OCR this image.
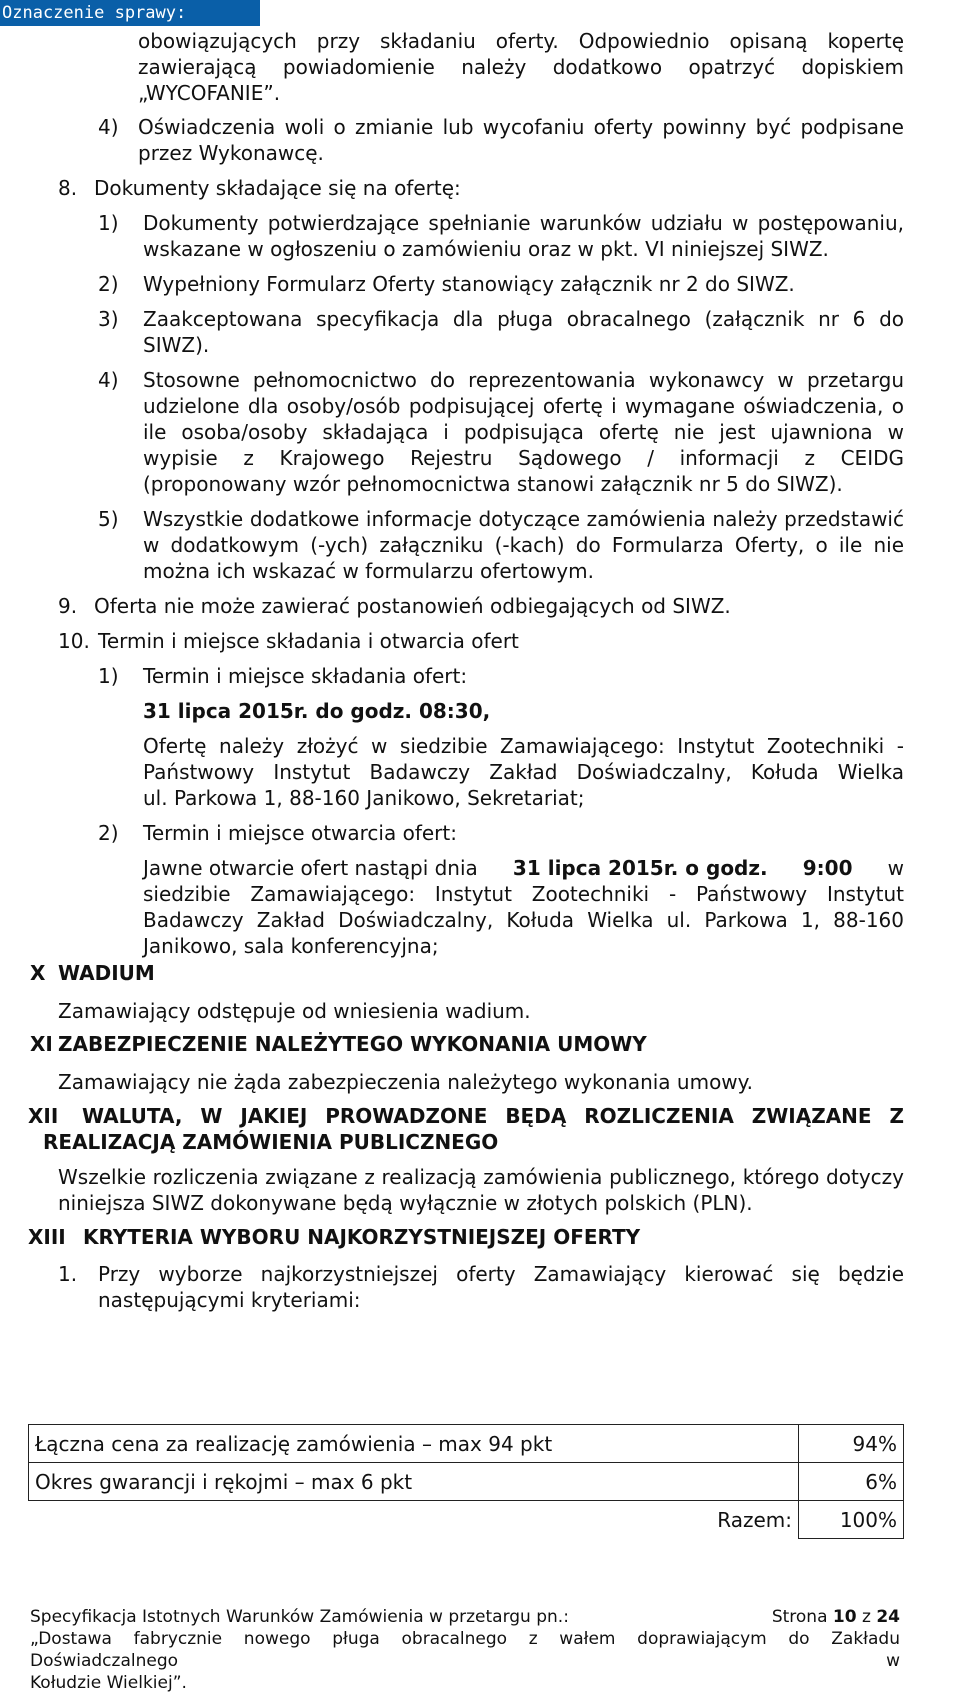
Oznaczenie sprawy: 17/2015	obowiązujących przy składaniu oferty. Odpowiednio opisaną kopertę
zawierającą powiadomienie należy dodatkowo opatrzyć dopiskiem
„WYCOFANIE”.
4) Oświadczenia woli o zmianie lub wycofaniu oferty powinny być podpisane
przez Wykonawcę.
8. Dokumenty składające się na ofertę:
1) Dokumenty potwierdzające spełnianie warunków udziału w postępowaniu,
wskazane w ogłoszeniu o zamówieniu oraz w pkt. VI niniejszej SIWZ.
2) Wypełniony Formularz Oferty stanowiący załącznik nr 2 do SIWZ.
3) Zaakceptowana specyfikacja dla pługa obracalnego (załącznik nr 6 do
SIWZ).
4) Stosowne pełnomocnictwo do reprezentowania wykonawcy w przetargu
udzielone dla osoby/osób podpisującej ofertę i wymagane oświadczenia, o
ile osoba/osoby składająca i podpisująca ofertę nie jest ujawniona w
wypisie z Krajowego Rejestru Sądowego / informacji z CEIDG
(proponowany wzór pełnomocnictwa stanowi załącznik nr 5 do SIWZ).
5) Wszystkie dodatkowe informacje dotyczące zamówienia należy przedstawić
w dodatkowym (-ych) załączniku (-kach) do Formularza Oferty, o ile nie
można ich wskazać w formularzu ofertowym.
9. Oferta nie może zawierać postanowień odbiegających od SIWZ.
10. Termin i miejsce składania i otwarcia ofert
1) Termin i miejsce składania ofert:
31 lipca 2015r. do godz. 08:30,
Ofertę należy złożyć w siedzibie Zamawiającego: Instytut Zootechniki -
Państwowy Instytut Badawczy Zakład Doświadczalny, Kołuda Wielka
ul. Parkowa 1, 88-160 Janikowo, Sekretariat;
2) Termin i miejsce otwarcia ofert:
Jawne otwarcie ofert nastąpi dnia 31 lipca 2015r. o godz. 9:00 w
siedzibie Zamawiającego: Instytut Zootechniki - Państwowy Instytut
Badawczy Zakład Doświadczalny, Kołuda Wielka ul. Parkowa 1, 88-160
Janikowo, sala konferencyjna;
X WADIUM
Zamawiający odstępuje od wniesienia wadium.
XI ZABEZPIECZENIE NALEŻYTEGO WYKONANIA UMOWY
Zamawiający nie żąda zabezpieczenia należytego wykonania umowy.
XII WALUTA, W JAKIEJ PROWADZONE BĘDĄ ROZLICZENIA ZWIĄZANE Z
REALIZACJĄ ZAMÓWIENIA PUBLICZNEGO
Wszelkie rozliczenia związane z realizacją zamówienia publicznego, którego dotyczy
niniejsza SIWZ dokonywane będą wyłącznie w złotych polskich (PLN).
XIII KRYTERIA WYBORU NAJKORZYSTNIEJSZEJ OFERTY
1. Przy wyborze najkorzystniejszej oferty Zamawiający kierować się będzie
następującymi kryteriami:
Łączna cena za realizację zamówienia – max 94 pkt	94%
Okres gwarancji i rękojmi – max 6 pkt	6%
Razem:	100%
Specyfikacja Istotnych Warunków Zamówienia w przetargu pn.:	Strona 10 z 24
„Dostawa fabrycznie nowego pługa obracalnego z wałem doprawiającym do Zakładu Doświadczalnego w
Kołudzie Wielkiej”.
